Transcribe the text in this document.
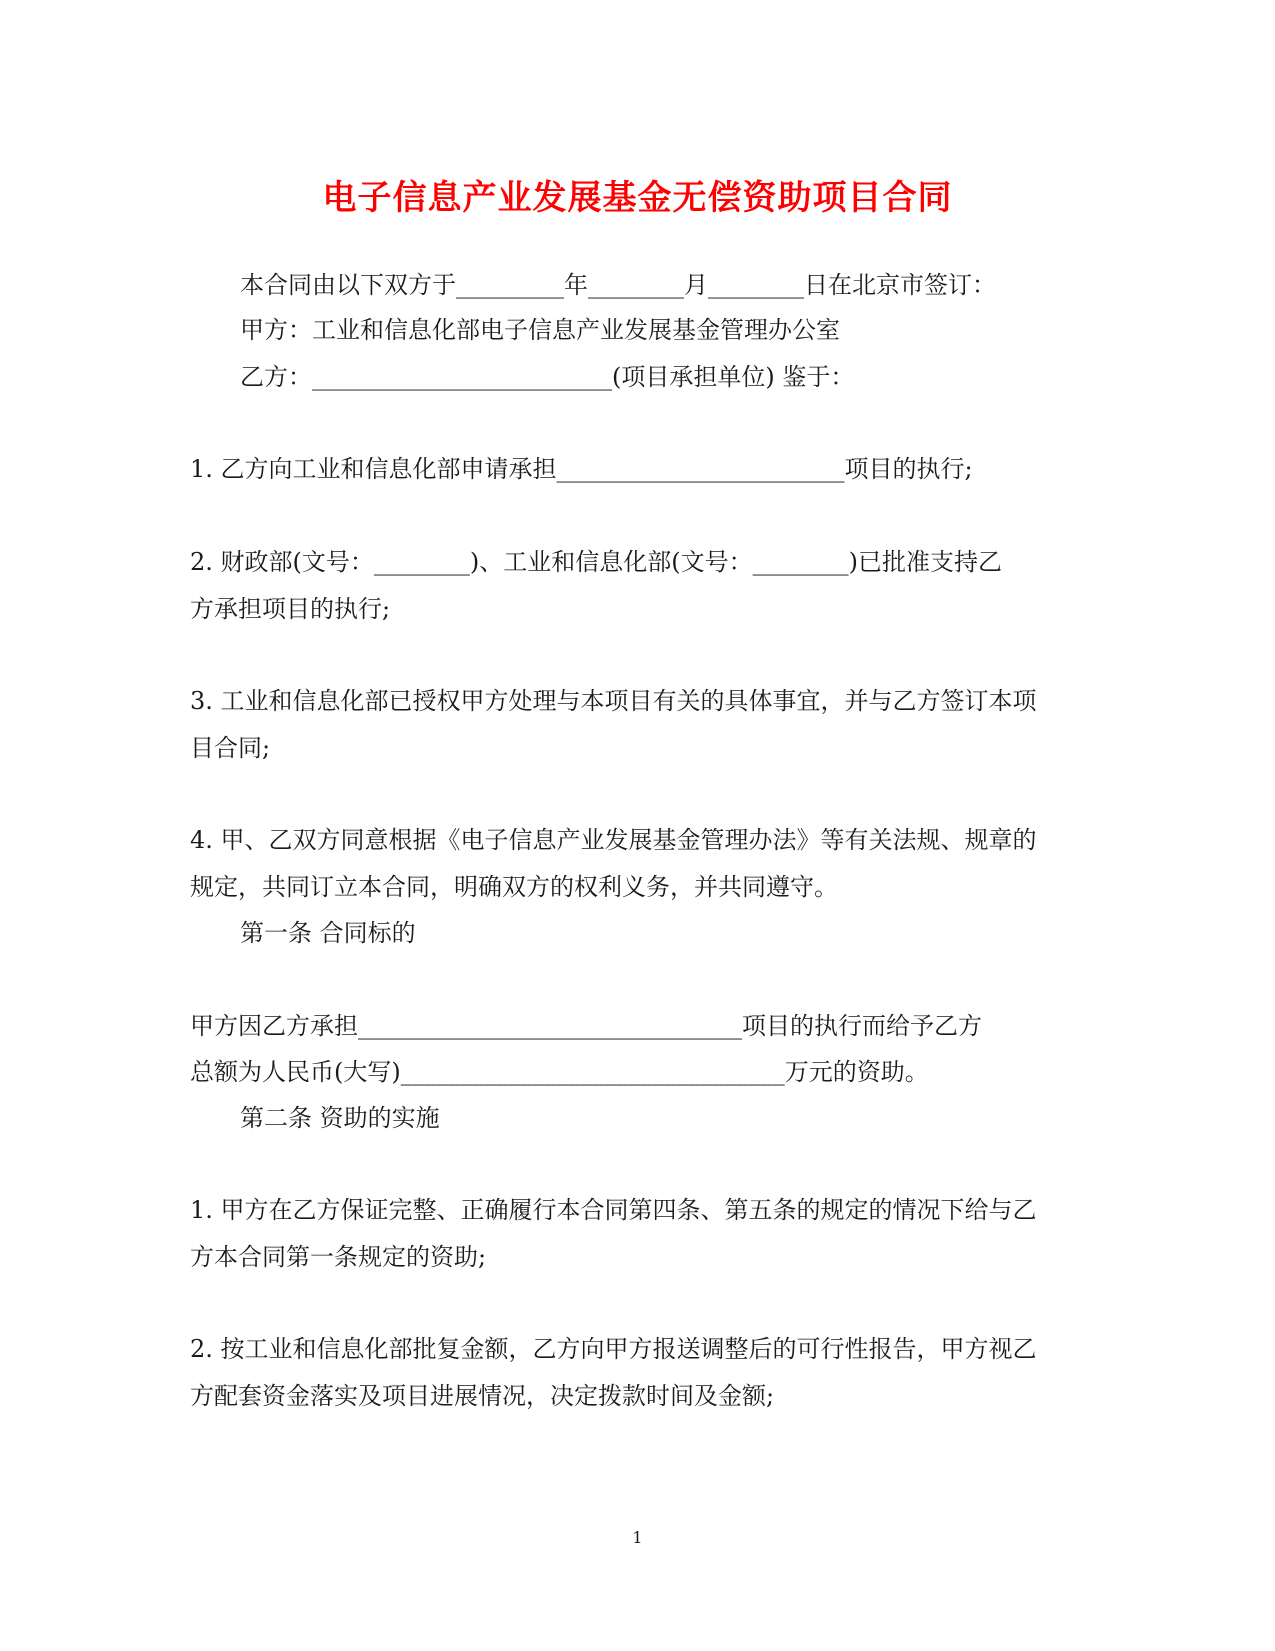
电子信息产业发展基金无偿资助项目合同
本合同由以下双方于_________年________月________日在北京市签订：
甲方：工业和信息化部电子信息产业发展基金管理办公室
乙方：_________________________(项目承担单位) 鉴于：
1. 乙方向工业和信息化部申请承担________________________项目的执行;
2. 财政部(文号：________)、工业和信息化部(文号：________)已批准支持乙
方承担项目的执行;
3. 工业和信息化部已授权甲方处理与本项目有关的具体事宜，并与乙方签订本项
目合同;
4. 甲、乙双方同意根据《电子信息产业发展基金管理办法》等有关法规、规章的
规定，共同订立本合同，明确双方的权利义务，并共同遵守。
第一条 合同标的
甲方因乙方承担________________________________项目的执行而给予乙方
总额为人民币(大写)________________________________万元的资助。
第二条 资助的实施
1. 甲方在乙方保证完整、正确履行本合同第四条、第五条的规定的情况下给与乙
方本合同第一条规定的资助;
2. 按工业和信息化部批复金额，乙方向甲方报送调整后的可行性报告，甲方视乙
方配套资金落实及项目进展情况，决定拨款时间及金额;
1
